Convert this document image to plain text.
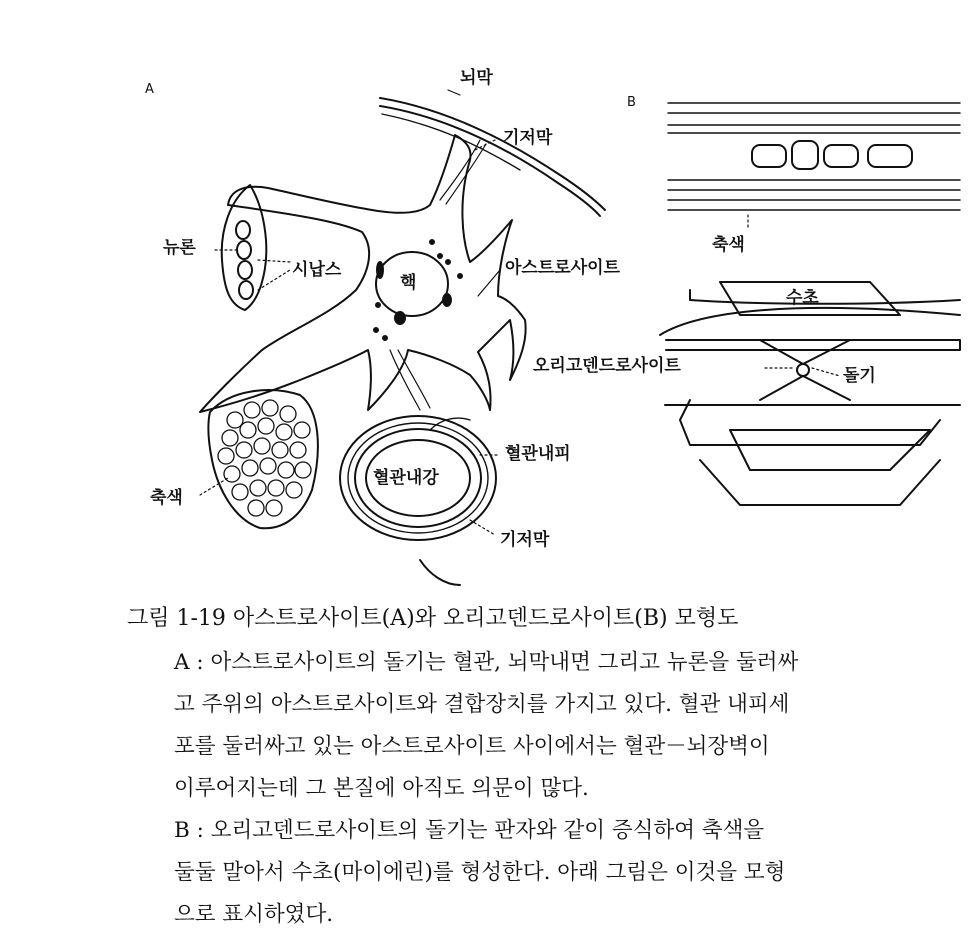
A
B
뇌막
기저막
뉴론
시납스
핵
아스트로사이트
축색
혈관내피
혈관내강
기저막
축색
수초
오리고덴드로사이트	돌기
그림 1-19 아스트로사이트(A)와 오리고덴드로사이트(B) 모형도
A : 아스트로사이트의 돌기는 혈관, 뇌막내면 그리고 뉴론을 둘러싸
고 주위의 아스트로사이트와 결합장치를 가지고 있다. 혈관 내피세
포를 둘러싸고 있는 아스트로사이트 사이에서는 혈관－뇌장벽이
이루어지는데 그 본질에 아직도 의문이 많다.
B : 오리고덴드로사이트의 돌기는 판자와 같이 증식하여 축색을
둘둘 말아서 수초(마이에린)를 형성한다. 아래 그림은 이것을 모형
으로 표시하였다.
